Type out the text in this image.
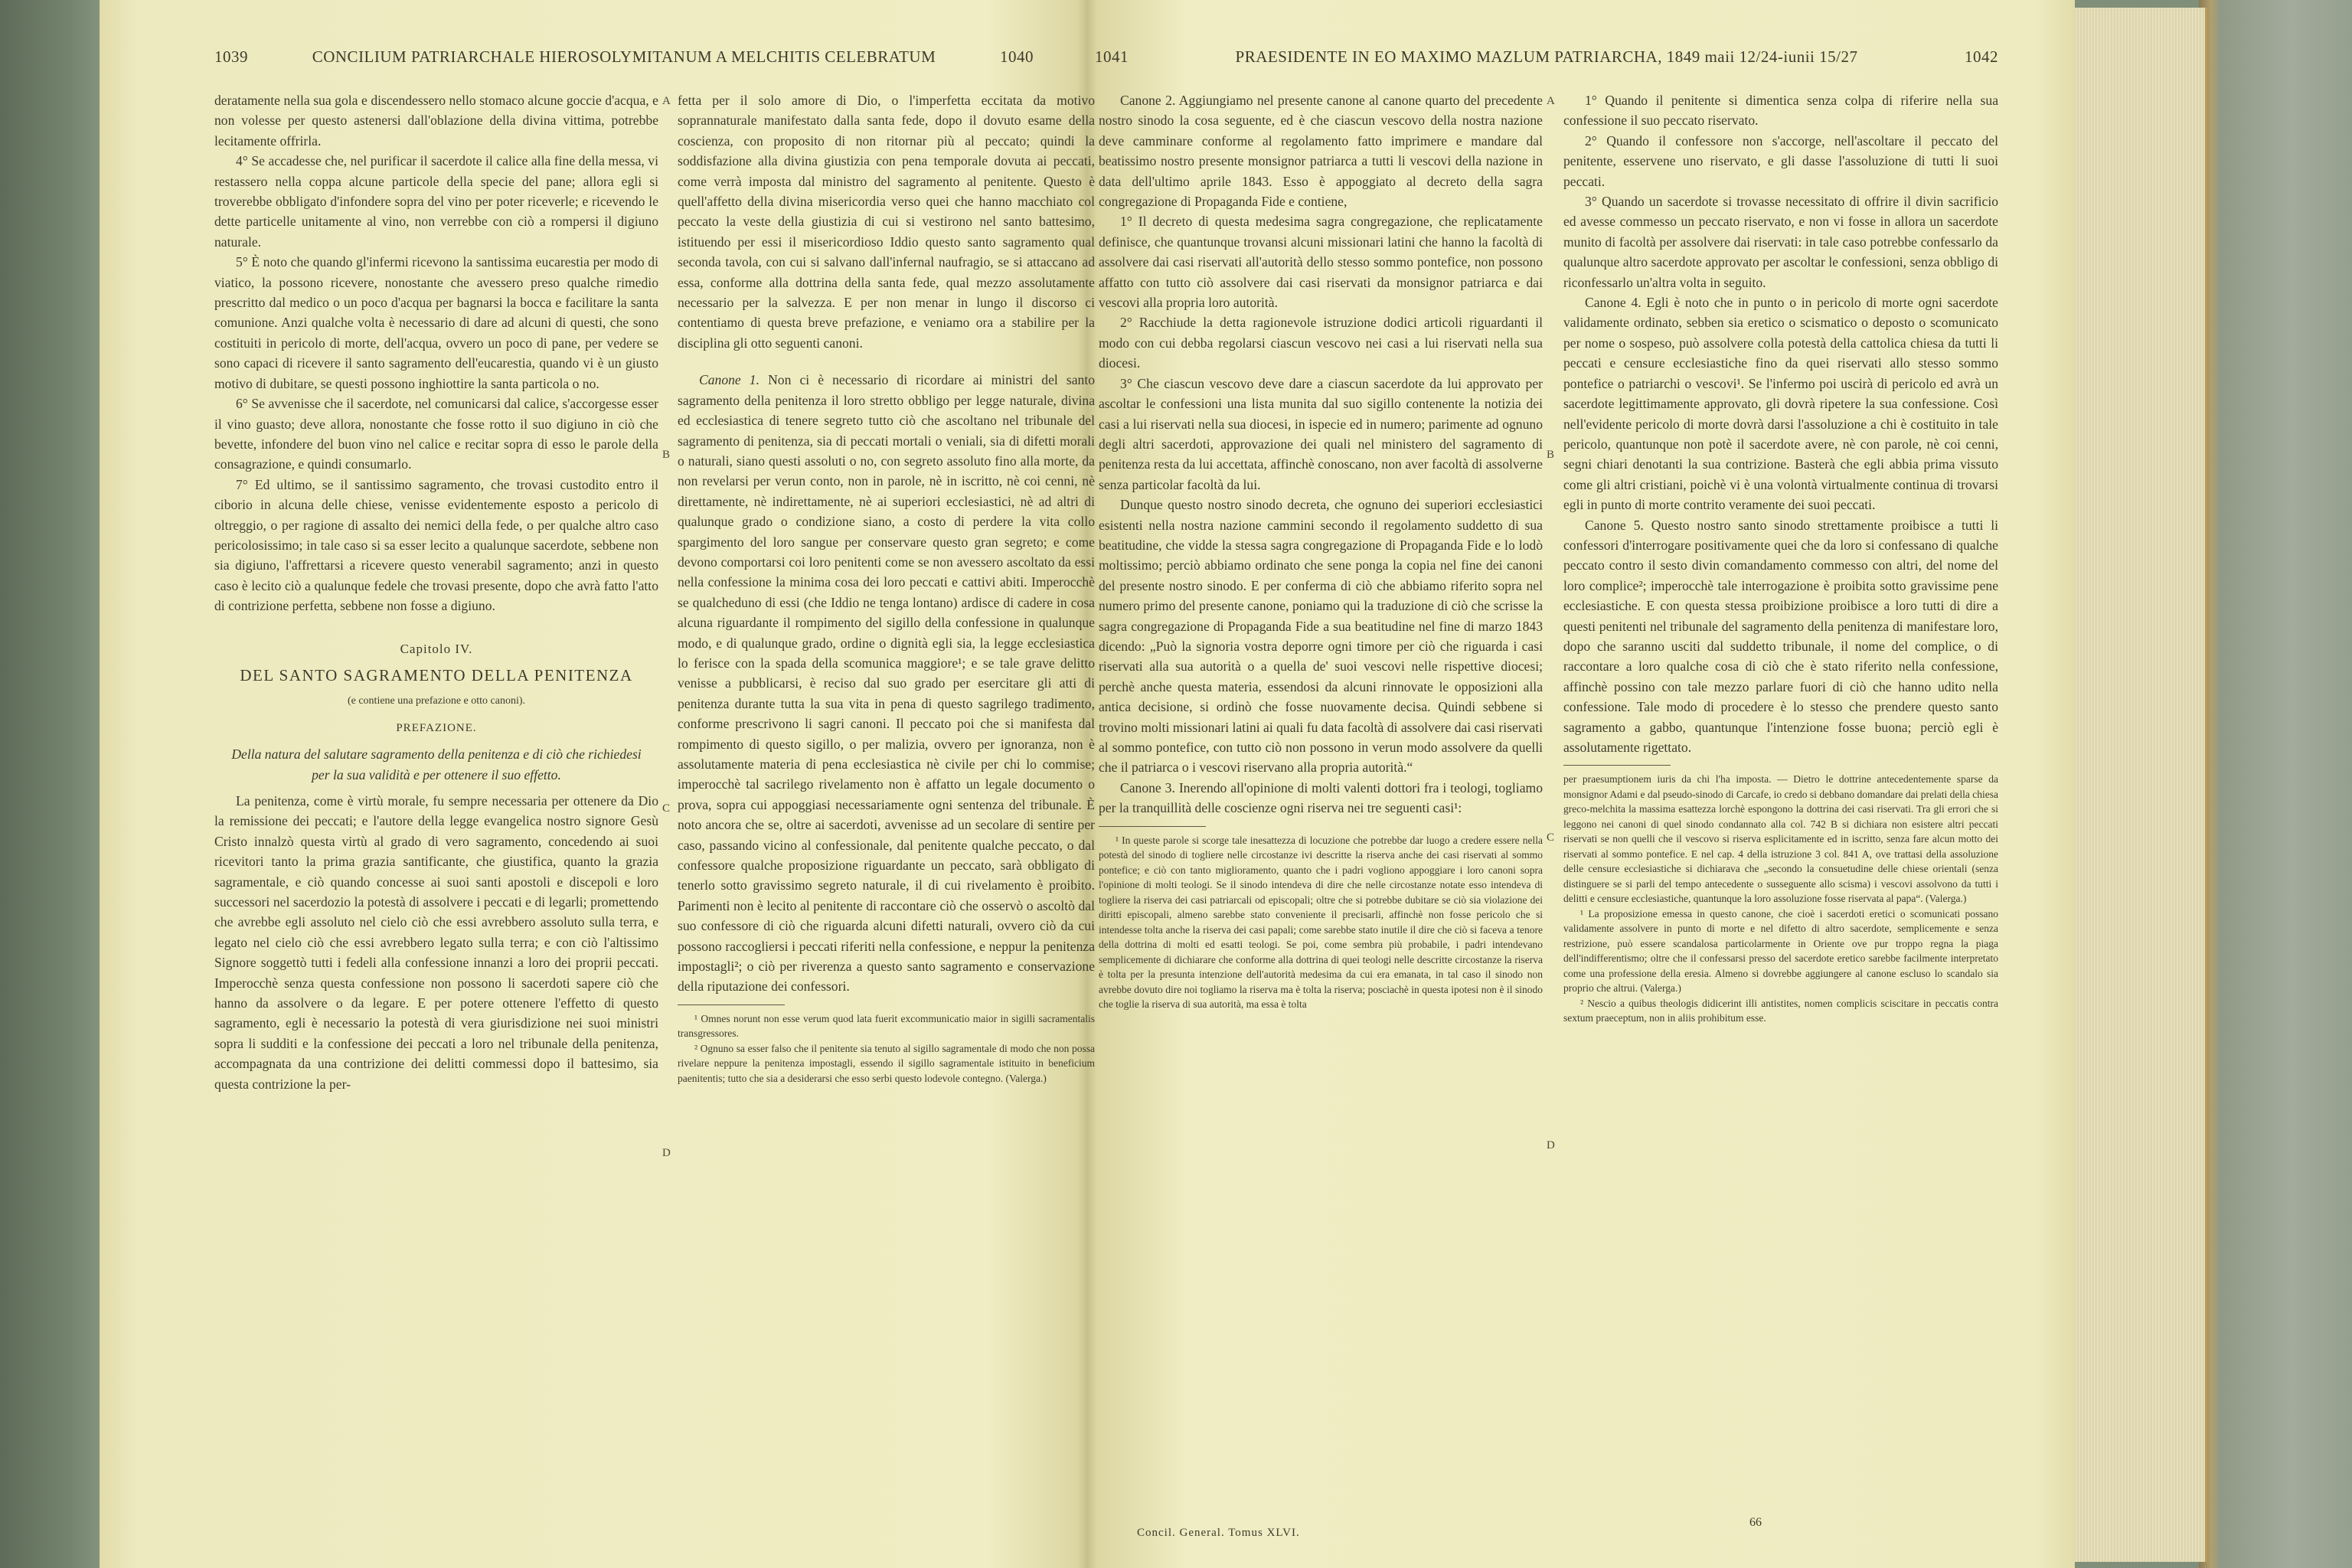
1039	CONCILIUM PATRIARCHALE HIEROSOLYMITANUM A MELCHITIS CELEBRATUM	1040

deratamente nella sua gola e discendessero nello stomaco alcune goccie d'acqua, e non volesse per questo astenersi dall'oblazione della divina vittima, potrebbe lecitamente offrirla.

4° Se accadesse che, nel purificar il sacerdote il calice alla fine della messa, vi restassero nella coppa alcune particole della specie del pane; allora egli si troverebbe obbligato d'infondere sopra del vino per poter riceverle; e ricevendo le dette particelle unitamente al vino, non verrebbe con ciò a rompersi il digiuno naturale.

5° È noto che quando gl'infermi ricevono la santissima eucarestia per modo di viatico, la possono ricevere, nonostante che avessero preso qualche rimedio prescritto dal medico o un poco d'acqua per bagnarsi la bocca e facilitare la santa comunione. Anzi qualche volta è necessario di dare ad alcuni di questi, che sono costituiti in pericolo di morte, dell'acqua, ovvero un poco di pane, per vedere se sono capaci di ricevere il santo sagramento dell'eucarestia, quando vi è un giusto motivo di dubitare, se questi possono inghiottire la santa particola o no.

6° Se avvenisse che il sacerdote, nel comunicarsi dal calice, s'accorgesse esser il vino guasto; deve allora, nonostante che fosse rotto il suo digiuno in ciò che bevette, infondere del buon vino nel calice e recitar sopra di esso le parole della consagrazione, e quindi consumarlo.

7° Ed ultimo, se il santissimo sagramento, che trovasi custodito entro il ciborio in alcuna delle chiese, venisse evidentemente esposto a pericolo di oltreggio, o per ragione di assalto dei nemici della fede, o per qualche altro caso pericolosissimo; in tale caso si sa esser lecito a qualunque sacerdote, sebbene non sia digiuno, l'affrettarsi a ricevere questo venerabil sagramento; anzi in questo caso è lecito ciò a qualunque fedele che trovasi presente, dopo che avrà fatto l'atto di contrizione perfetta, sebbene non fosse a digiuno.

Capitolo IV.

DEL SANTO SAGRAMENTO DELLA PENITENZA

(e contiene una prefazione e otto canoni).

PREFAZIONE.

Della natura del salutare sagramento della penitenza e di ciò che richiedesi per la sua validità e per ottenere il suo effetto.

La penitenza, come è virtù morale, fu sempre necessaria per ottenere da Dio la remissione dei peccati; e l'autore della legge evangelica nostro signore Gesù Cristo innalzò questa virtù al grado di vero sagramento, concedendo ai suoi ricevitori tanto la prima grazia santificante, che giustifica, quanto la grazia sagramentale, e ciò quando concesse ai suoi santi apostoli e discepoli e loro successori nel sacerdozio la potestà di assolvere i peccati e di legarli; promettendo che avrebbe egli assoluto nel cielo ciò che essi avrebbero assoluto sulla terra, e legato nel cielo ciò che essi avrebbero legato sulla terra; e con ciò l'altissimo Signore soggettò tutti i fedeli alla confessione innanzi a loro dei proprii peccati. Imperocchè senza questa confessione non possono li sacerdoti sapere ciò che hanno da assolvere o da legare. E per potere ottenere l'effetto di questo sagramento, egli è necessario la potestà di vera giurisdizione nei suoi ministri sopra li sudditi e la confessione dei peccati a loro nel tribunale della penitenza, accompagnata da una contrizione dei delitti commessi dopo il battesimo, sia questa contrizione la per-

fetta per il solo amore di Dio, o l'imperfetta eccitata da motivo soprannaturale manifestato dalla santa fede, dopo il dovuto esame della coscienza, con proposito di non ritornar più al peccato; quindi la soddisfazione alla divina giustizia con pena temporale dovuta ai peccati, come verrà imposta dal ministro del sagramento al penitente. Questo è quell'affetto della divina misericordia verso quei che hanno macchiato col peccato la veste della giustizia di cui si vestirono nel santo battesimo, istituendo per essi il misericordioso Iddio questo santo sagramento qual seconda tavola, con cui si salvano dall'infernal naufragio, se si attaccano ad essa, conforme alla dottrina della santa fede, qual mezzo assolutamente necessario per la salvezza. E per non menar in lungo il discorso ci contentiamo di questa breve prefazione, e veniamo ora a stabilire per la disciplina gli otto seguenti canoni.

Canone 1. Non ci è necessario di ricordare ai ministri del santo sagramento della penitenza il loro stretto obbligo per legge naturale, divina ed ecclesiastica di tenere segreto tutto ciò che ascoltano nel tribunale del sagramento di penitenza, sia di peccati mortali o veniali, sia di difetti morali o naturali, siano questi assoluti o no, con segreto assoluto fino alla morte, da non revelarsi per verun conto, non in parole, nè in iscritto, nè coi cenni, nè direttamente, nè indirettamente, nè ai superiori ecclesiastici, nè ad altri di qualunque grado o condizione siano, a costo di perdere la vita collo spargimento del loro sangue per conservare questo gran segreto; e come devono comportarsi coi loro penitenti come se non avessero ascoltato da essi nella confessione la minima cosa dei loro peccati e cattivi abiti. Imperocchè se qualcheduno di essi (che Iddio ne tenga lontano) ardisce di cadere in cosa alcuna riguardante il rompimento del sigillo della confessione in qualunque modo, e di qualunque grado, ordine o dignità egli sia, la legge ecclesiastica lo ferisce con la spada della scomunica maggiore¹; e se tale grave delitto venisse a pubblicarsi, è reciso dal suo grado per esercitare gli atti di penitenza durante tutta la sua vita in pena di questo sagrilego tradimento, conforme prescrivono li sagri canoni. Il peccato poi che si manifesta dal rompimento di questo sigillo, o per malizia, ovvero per ignoranza, non è assolutamente materia di pena ecclesiastica nè civile per chi lo commise; imperocchè tal sacrilego rivelamento non è affatto un legale documento o prova, sopra cui appoggiasi necessariamente ogni sentenza del tribunale. È noto ancora che se, oltre ai sacerdoti, avvenisse ad un secolare di sentire per caso, passando vicino al confessionale, dal penitente qualche peccato, o dal confessore qualche proposizione riguardante un peccato, sarà obbligato di tenerlo sotto gravissimo segreto naturale, il di cui rivelamento è proibito. Parimenti non è lecito al penitente di raccontare ciò che osservò o ascoltò dal suo confessore di ciò che riguarda alcuni difetti naturali, ovvero ciò da cui possono raccogliersi i peccati riferiti nella confessione, e neppur la penitenza impostagli²; o ciò per riverenza a questo santo sagramento e conservazione della riputazione dei confessori.

¹ Omnes norunt non esse verum quod lata fuerit excommunicatio maior in sigilli sacramentalis transgressores.

² Ognuno sa esser falso che il penitente sia tenuto al sigillo sagramentale di modo che non possa rivelare neppure la penitenza impostagli, essendo il sigillo sagramentale istituito in beneficium paenitentis; tutto che sia a desiderarsi che esso serbi questo lodevole contegno. (Valerga.)

A
B
C
D
1041	PRAESIDENTE IN EO MAXIMO MAZLUM PATRIARCHA, 1849 maii 12/24-iunii 15/27	1042

Canone 2. Aggiungiamo nel presente canone al canone quarto del precedente nostro sinodo la cosa seguente, ed è che ciascun vescovo della nostra nazione deve camminare conforme al regolamento fatto imprimere e mandare dal beatissimo nostro presente monsignor patriarca a tutti li vescovi della nazione in data dell'ultimo aprile 1843. Esso è appoggiato al decreto della sagra congregazione di Propaganda Fide e contiene,

1° Il decreto di questa medesima sagra congregazione, che replicatamente definisce, che quantunque trovansi alcuni missionari latini che hanno la facoltà di assolvere dai casi riservati all'autorità dello stesso sommo pontefice, non possono affatto con tutto ciò assolvere dai casi riservati da monsignor patriarca e dai vescovi alla propria loro autorità.

2° Racchiude la detta ragionevole istruzione dodici articoli riguardanti il modo con cui debba regolarsi ciascun vescovo nei casi a lui riservati nella sua diocesi.

3° Che ciascun vescovo deve dare a ciascun sacerdote da lui approvato per ascoltar le confessioni una lista munita dal suo sigillo contenente la notizia dei casi a lui riservati nella sua diocesi, in ispecie ed in numero; parimente ad ognuno degli altri sacerdoti, approvazione dei quali nel ministero del sagramento di penitenza resta da lui accettata, affinchè conoscano, non aver facoltà di assolverne senza particolar facoltà da lui.

Dunque questo nostro sinodo decreta, che ognuno dei superiori ecclesiastici esistenti nella nostra nazione cammini secondo il regolamento suddetto di sua beatitudine, che vidde la stessa sagra congregazione di Propaganda Fide e lo lodò moltissimo; perciò abbiamo ordinato che sene ponga la copia nel fine dei canoni del presente nostro sinodo. E per conferma di ciò che abbiamo riferito sopra nel numero primo del presente canone, poniamo qui la traduzione di ciò che scrisse la sagra congregazione di Propaganda Fide a sua beatitudine nel fine di marzo 1843 dicendo: „Può la signoria vostra deporre ogni timore per ciò che riguarda i casi riservati alla sua autorità o a quella de' suoi vescovi nelle rispettive diocesi; perchè anche questa materia, essendosi da alcuni rinnovate le opposizioni alla antica decisione, si ordinò che fosse nuovamente decisa. Quindi sebbene si trovino molti missionari latini ai quali fu data facoltà di assolvere dai casi riservati al sommo pontefice, con tutto ciò non possono in verun modo assolvere da quelli che il patriarca o i vescovi riservano alla propria autorità.“

Canone 3. Inerendo all'opinione di molti valenti dottori fra i teologi, togliamo per la tranquillità delle coscienze ogni riserva nei tre seguenti casi¹:

¹ In queste parole si scorge tale inesattezza di locuzione che potrebbe dar luogo a credere essere nella potestà del sinodo di togliere nelle circostanze ivi descritte la riserva anche dei casi riservati al sommo pontefice; e ciò con tanto miglioramento, quanto che i padri vogliono appoggiare i loro canoni sopra l'opinione di molti teologi. Se il sinodo intendeva di dire che nelle circostanze notate esso intendeva di togliere la riserva dei casi patriarcali od episcopali; oltre che si potrebbe dubitare se ciò sia violazione dei diritti episcopali, almeno sarebbe stato conveniente il precisarli, affinchè non fosse pericolo che si intendesse tolta anche la riserva dei casi papali; come sarebbe stato inutile il dire che ciò si faceva a tenore della dottrina di molti ed esatti teologi. Se poi, come sembra più probabile, i padri intendevano semplicemente di dichiarare che conforme alla dottrina di quei teologi nelle descritte circostanze la riserva è tolta per la presunta intenzione dell'autorità medesima da cui era emanata, in tal caso il sinodo non avrebbe dovuto dire noi togliamo la riserva ma è tolta la riserva; posciachè in questa ipotesi non è il sinodo che toglie la riserva di sua autorità, ma essa è tolta

1° Quando il penitente si dimentica senza colpa di riferire nella sua confessione il suo peccato riservato.

2° Quando il confessore non s'accorge, nell'ascoltare il peccato del penitente, esservene uno riservato, e gli dasse l'assoluzione di tutti li suoi peccati.

3° Quando un sacerdote si trovasse necessitato di offrire il divin sacrificio ed avesse commesso un peccato riservato, e non vi fosse in allora un sacerdote munito di facoltà per assolvere dai riservati: in tale caso potrebbe confessarlo da qualunque altro sacerdote approvato per ascoltar le confessioni, senza obbligo di riconfessarlo un'altra volta in seguito.

Canone 4. Egli è noto che in punto o in pericolo di morte ogni sacerdote validamente ordinato, sebben sia eretico o scismatico o deposto o scomunicato per nome o sospeso, può assolvere colla potestà della cattolica chiesa da tutti li peccati e censure ecclesiastiche fino da quei riservati allo stesso sommo pontefice o patriarchi o vescovi¹. Se l'infermo poi uscirà di pericolo ed avrà un sacerdote legittimamente approvato, gli dovrà ripetere la sua confessione. Così nell'evidente pericolo di morte dovrà darsi l'assoluzione a chi è costituito in tale pericolo, quantunque non potè il sacerdote avere, nè con parole, nè coi cenni, segni chiari denotanti la sua contrizione. Basterà che egli abbia prima vissuto come gli altri cristiani, poichè vi è una volontà virtualmente continua di trovarsi egli in punto di morte contrito veramente dei suoi peccati.

Canone 5. Questo nostro santo sinodo strettamente proibisce a tutti li confessori d'interrogare positivamente quei che da loro si confessano di qualche peccato contro il sesto divin comandamento commesso con altri, del nome del loro complice²; imperocchè tale interrogazione è proibita sotto gravissime pene ecclesiastiche. E con questa stessa proibizione proibisce a loro tutti di dire a questi penitenti nel tribunale del sagramento della penitenza di manifestare loro, dopo che saranno usciti dal suddetto tribunale, il nome del complice, o di raccontare a loro qualche cosa di ciò che è stato riferito nella confessione, affinchè possino con tale mezzo parlare fuori di ciò che hanno udito nella confessione. Tale modo di procedere è lo stesso che prendere questo santo sagramento a gabbo, quantunque l'intenzione fosse buona; perciò egli è assolutamente rigettato.

per praesumptionem iuris da chi l'ha imposta. — Dietro le dottrine antecedentemente sparse da monsignor Adami e dal pseudo-sinodo di Carcafe, io credo si debbano domandare dai prelati della chiesa greco-melchita la massima esattezza lorchè espongono la dottrina dei casi riservati. Tra gli errori che si leggono nei canoni di quel sinodo condannato alla col. 742 B si dichiara non esistere altri peccati riservati se non quelli che il vescovo si riserva esplicitamente ed in iscritto, senza fare alcun motto dei riservati al sommo pontefice. E nel cap. 4 della istruzione 3 col. 841 A, ove trattasi della assoluzione delle censure ecclesiastiche si dichiarava che „secondo la consuetudine delle chiese orientali (senza distinguere se si parli del tempo antecedente o susseguente allo scisma) i vescovi assolvono da tutti i delitti e censure ecclesiastiche, quantunque la loro assoluzione fosse riservata al papa“. (Valerga.)

¹ La proposizione emessa in questo canone, che cioè i sacerdoti eretici o scomunicati possano validamente assolvere in punto di morte e nel difetto di altro sacerdote, semplicemente e senza restrizione, può essere scandalosa particolarmente in Oriente ove pur troppo regna la piaga dell'indifferentismo; oltre che il confessarsi presso del sacerdote eretico sarebbe facilmente interpretato come una professione della eresia. Almeno si dovrebbe aggiungere al canone escluso lo scandalo sia proprio che altrui. (Valerga.)

² Nescio a quibus theologis didicerint illi antistites, nomen complicis sciscitare in peccatis contra sextum praeceptum, non in aliis prohibitum esse.

A
B
C
D
Concil. General. Tomus XLVI.
66
